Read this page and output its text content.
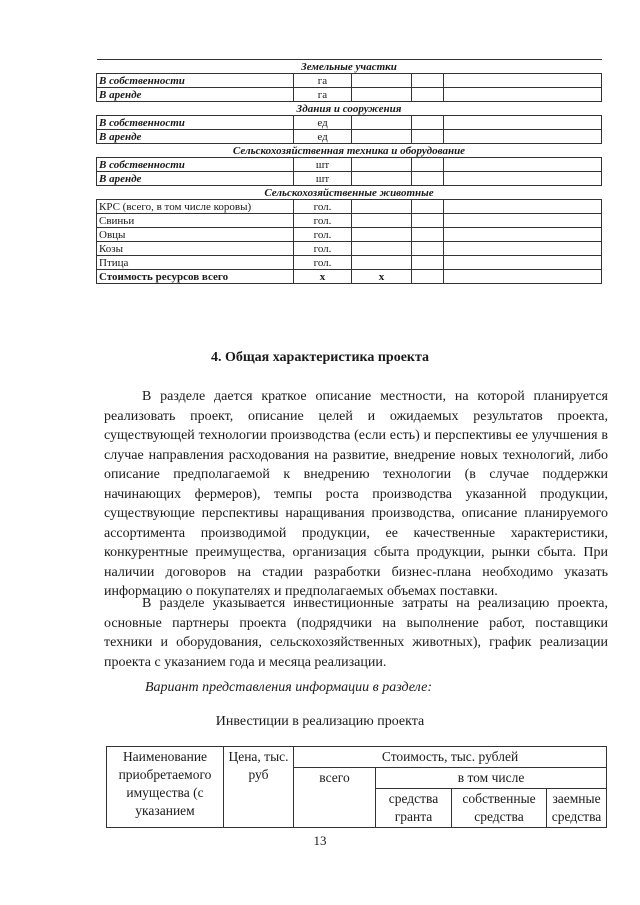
Земельные участки				
В собственности	га			
В аренде	га			
Здания и сооружения				
В собственности	ед			
В аренде	ед			
Сельскохозяйственная техника и оборудование				
В собственности	шт			
В аренде	шт			
Сельскохозяйственные животные				
КРС (всего, в том числе коровы)	гол.			
Свиньи	гол.			
Овцы	гол.			
Козы	гол.			
Птица	гол.			
Стоимость ресурсов всего	х	х		
4. Общая характеристика проекта

В разделе дается краткое описание местности, на которой планируется реализовать проект, описание целей и ожидаемых результатов проекта, существующей технологии производства (если есть) и перспективы ее улучшения в случае направления расходования на развитие, внедрение новых технологий, либо описание предполагаемой к внедрению технологии (в случае поддержки начинающих фермеров), темпы роста производства указанной продукции, существующие перспективы наращивания производства, описание планируемого ассортимента производимой продукции, ее качественные характеристики, конкурентные преимущества, организация сбыта продукции, рынки сбыта. При наличии договоров на стадии разработки бизнес-плана необходимо указать информацию о покупателях и предполагаемых объемах поставки.

В разделе указывается инвестиционные затраты на реализацию проекта, основные партнеры проекта (подрядчики на выполнение работ, поставщики техники и оборудования, сельскохозяйственных животных), график реализации проекта с указанием года и месяца реализации.

Вариант представления информации в разделе:

Инвестиции в реализацию проекта

Наименование приобретаемого имущества (с указанием	Цена, тыс. руб	Стоимость, тыс. рублей			
		всего	в том числе		
			средства гранта	собственные средства	заемные средства

13
